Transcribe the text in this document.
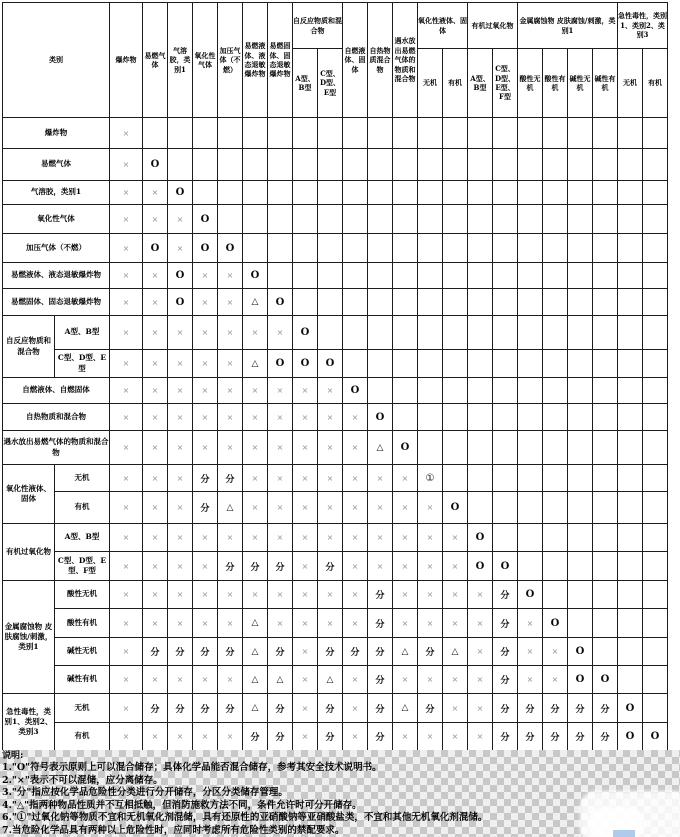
类别		爆炸物	易燃气体	气溶胶，类别1	氧化性气体	加压气体（不燃）	易燃液体、液态退敏爆炸物	易燃固体、固态退敏爆炸物	自反应物质和混合物		自燃液体、固体	自热物质混合物	遇水放出易燃气体的物质和混合物	氧化性液体、固体		有机过氧化物		金属腐蚀物 皮肤腐蚀/刺激，类别1				急性毒性，类别1、类别2、类别3	
									A型、B型	C型、D型、E型				无机	有机	A型、B型	C型、D型、E型、F型	酸性无机	酸性有机	碱性无机	碱性有机	无机	有机
爆炸物		×																					
易燃气体		×	O																				
气溶胶，类别1		×	×	O																			
氧化性气体		×	×	×	O																		
加压气体（不燃）		×	O	×	O	O																	
易燃液体、液态退敏爆炸物		×	×	O	×	×	O																
易燃固体、固态退敏爆炸物		×	×	O	×	×	△	O															
自反应物质和混合物	A型、B型	×	×	×	×	×	×	×	O														
	C型、D型、E型	×	×	×	×	×	△	O	O	O													
自燃液体、自燃固体		×	×	×	×	×	×	×	×	×	O												
自热物质和混合物		×	×	×	×	×	×	×	×	×	×	O											
遇水放出易燃气体的物质和混合物		×	×	×	×	×	×	×	×	×	×	△	O										
氧化性液体、固体	无机	×	×	×	分	分	×	×	×	×	×	×	×	①									
	有机	×	×	×	分	△	×	×	×	×	×	×	×	×	O								
有机过氧化物	A型、B型	×	×	×	×	×	×	×	×	×	×	×	×	×	×	O							
	C型、D型、E型、F型	×	×	×	×	分	分	分	×	分	×	×	×	×	×	O	O						
金属腐蚀物 皮肤腐蚀/刺激，类别1	酸性无机	×	×	×	×	×	×	×	×	×	×	分	×	×	×	×	分	O					
	酸性有机	×	×	×	×	×	△	×	×	×	×	分	×	×	×	×	分	×	O				
	碱性无机	×	分	分	分	分	△	分	×	分	分	分	△	分	△	×	分	×	×	O			
	碱性有机	×	×	×	×	×	△	△	×	△	×	分	×	×	×	×	分	×	×	O	O		
急性毒性，类别1、类别2、类别3	无机	×	分	分	分	分	△	分	×	分	×	分	△	分	×	×	分	分	分	分	分	O	
	有机	×	×	×	×	×	分	分	×	分	×	分	×	×	×	×	分	分	分	分	分	O	O
说明:
1."O"符号表示原则上可以混合储存；具体化学品能否混合储存，参考其安全技术说明书。
2."×"表示不可以混储，应分离储存。
3."分"指应按化学品危险性分类进行分开储存，分区分类储存管理。
4."△"指两种物品性质并不互相抵触，但消防施救方法不同，条件允许时可分开储存。
6."①"过氧化钠等物质不宜和无机氧化剂混储，具有还原性的亚硝酸钠等亚硝酸盐类，不宜和其他无机氧化剂混储。
7.当危险化学品具有两种以上危险性时，应同时考虑所有危险性类别的禁配要求。
